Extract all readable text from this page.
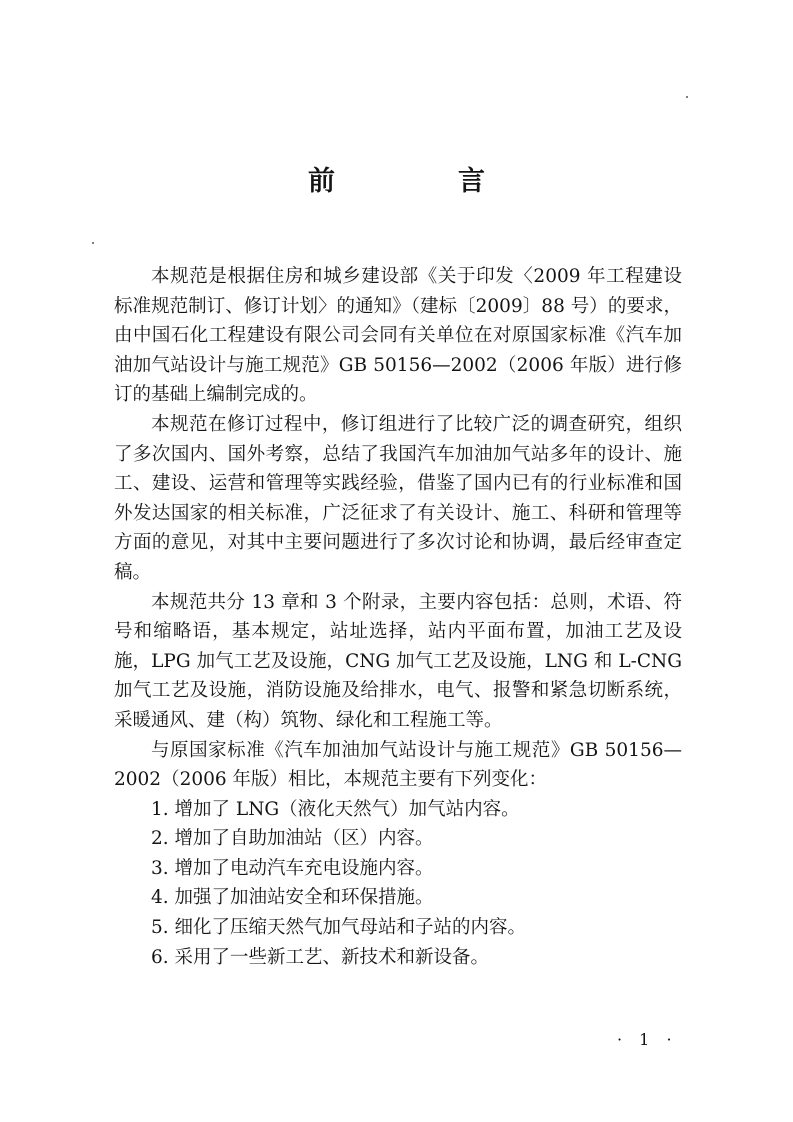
前　言

本规范是根据住房和城乡建设部《关于印发〈2009 年工程建设标准规范制订、修订计划〉的通知》（建标〔2009〕88 号）的要求，由中国石化工程建设有限公司会同有关单位在对原国家标准《汽车加油加气站设计与施工规范》GB 50156—2002（2006 年版）进行修订的基础上编制完成的。

本规范在修订过程中，修订组进行了比较广泛的调查研究，组织了多次国内、国外考察，总结了我国汽车加油加气站多年的设计、施工、建设、运营和管理等实践经验，借鉴了国内已有的行业标准和国外发达国家的相关标准，广泛征求了有关设计、施工、科研和管理等方面的意见，对其中主要问题进行了多次讨论和协调，最后经审查定稿。

本规范共分 13 章和 3 个附录，主要内容包括：总则，术语、符号和缩略语，基本规定，站址选择，站内平面布置，加油工艺及设施，LPG 加气工艺及设施，CNG 加气工艺及设施，LNG 和 L-CNG 加气工艺及设施，消防设施及给排水，电气、报警和紧急切断系统，采暖通风、建（构）筑物、绿化和工程施工等。

与原国家标准《汽车加油加气站设计与施工规范》GB 50156—2002（2006 年版）相比，本规范主要有下列变化：

1. 增加了 LNG（液化天然气）加气站内容。

2. 增加了自助加油站（区）内容。

3. 增加了电动汽车充电设施内容。

4. 加强了加油站安全和环保措施。

5. 细化了压缩天然气加气母站和子站的内容。

6. 采用了一些新工艺、新技术和新设备。

· 1 ·
